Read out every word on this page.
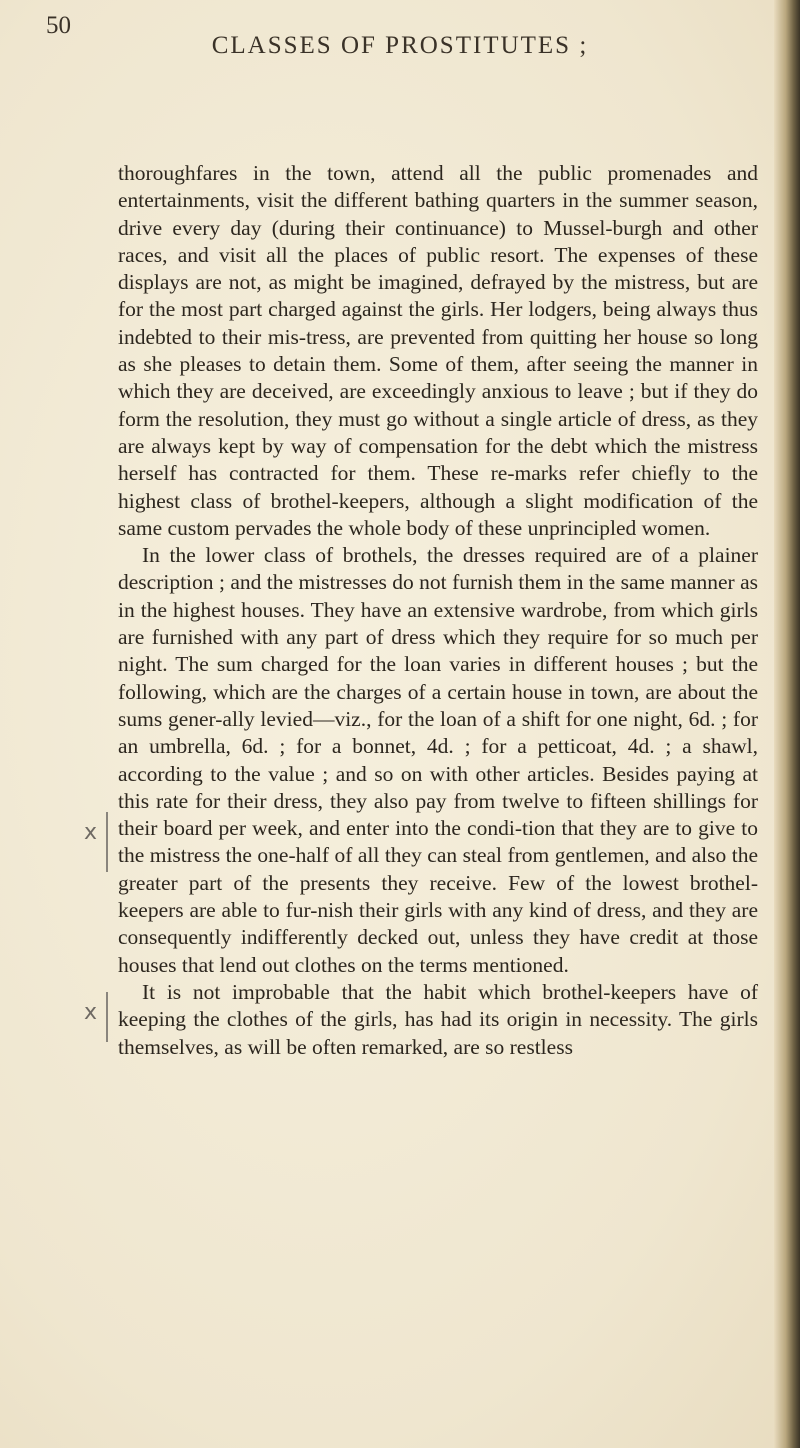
50
CLASSES OF PROSTITUTES ;

thoroughfares in the town, attend all the public promenades and entertainments, visit the different bathing quarters in the summer season, drive every day (during their continuance) to Mussel-burgh and other races, and visit all the places of public resort. The expenses of these displays are not, as might be imagined, defrayed by the mistress, but are for the most part charged against the girls. Her lodgers, being always thus indebted to their mis-tress, are prevented from quitting her house so long as she pleases to detain them. Some of them, after seeing the manner in which they are deceived, are exceedingly anxious to leave ; but if they do form the resolution, they must go without a single article of dress, as they are always kept by way of compensation for the debt which the mistress herself has contracted for them. These re-marks refer chiefly to the highest class of brothel-keepers, although a slight modification of the same custom pervades the whole body of these unprincipled women.

In the lower class of brothels, the dresses required are of a plainer description ; and the mistresses do not furnish them in the same manner as in the highest houses. They have an extensive wardrobe, from which girls are furnished with any part of dress which they require for so much per night. The sum charged for the loan varies in different houses ; but the following, which are the charges of a certain house in town, are about the sums gener-ally levied—viz., for the loan of a shift for one night, 6d. ; for an umbrella, 6d. ; for a bonnet, 4d. ; for a petticoat, 4d. ; a shawl, according to the value ; and so on with other articles. Besides paying at this rate for their dress, they also pay from twelve to fifteen shillings for their board per week, and enter into the condi-tion that they are to give to the mistress the one-half of all they can steal from gentlemen, and also the greater part of the presents they receive. Few of the lowest brothel-keepers are able to fur-nish their girls with any kind of dress, and they are consequently indifferently decked out, unless they have credit at those houses that lend out clothes on the terms mentioned.

It is not improbable that the habit which brothel-keepers have of keeping the clothes of the girls, has had its origin in necessity. The girls themselves, as will be often remarked, are so restless

x
x
